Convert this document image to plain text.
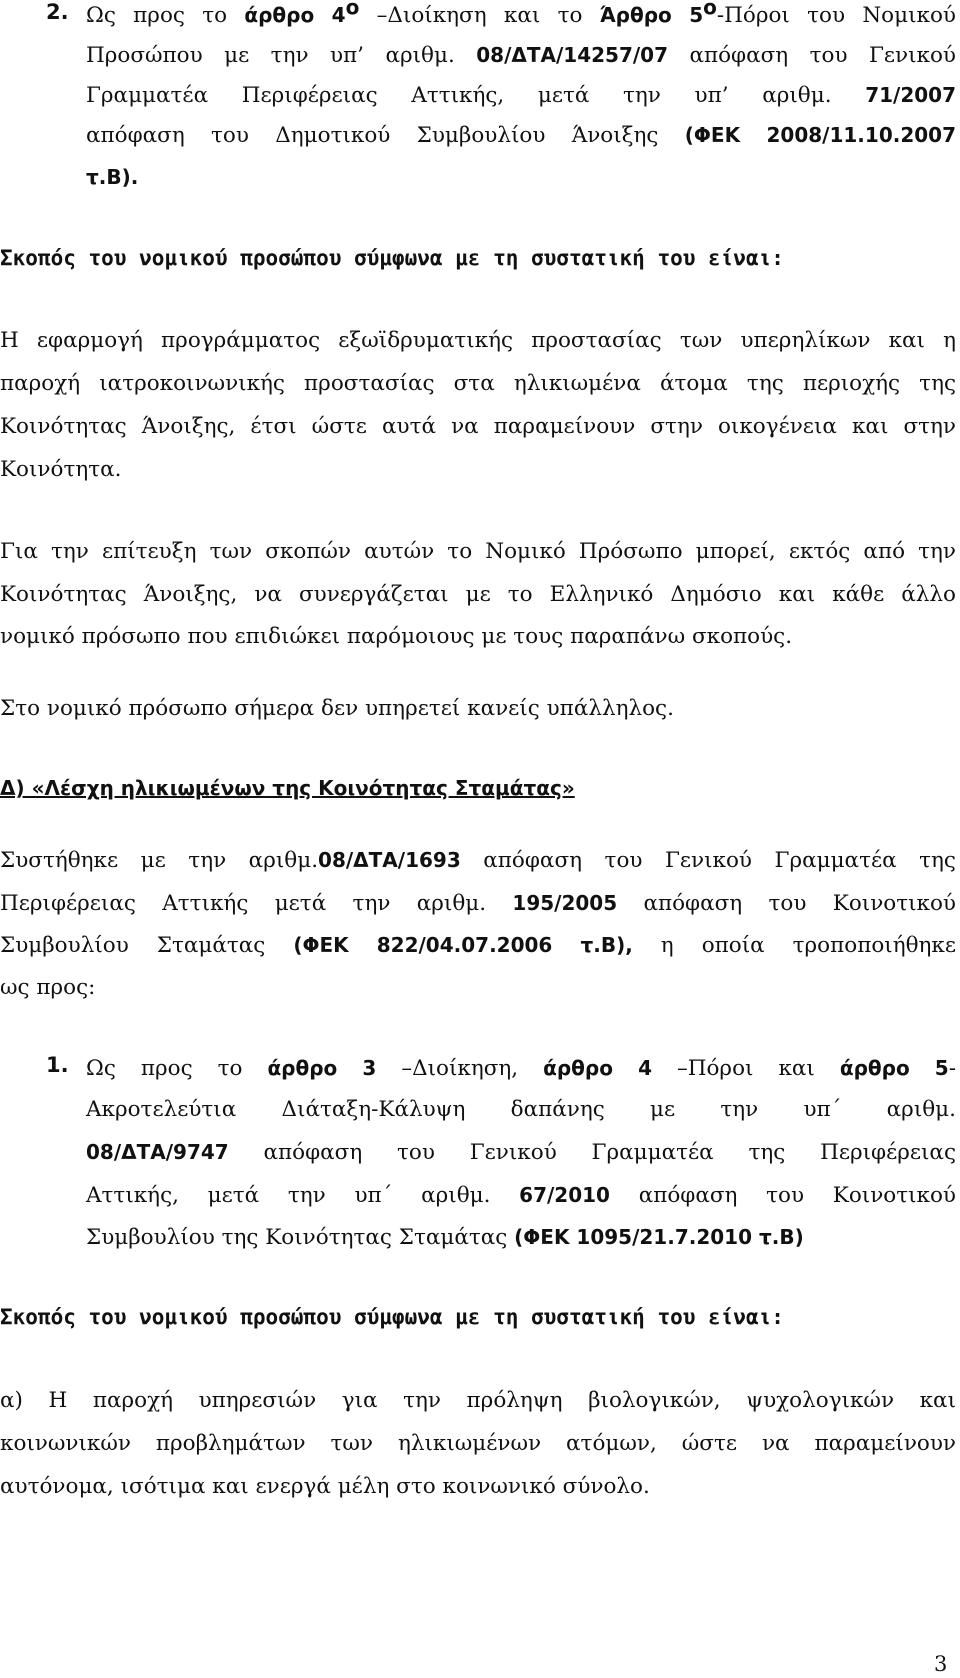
2. Ως προς το άρθρο $4^o$ –Διοίκηση και το Άρθρο $5^o$-Πόροι του Νομικού
Προσώπου με την υπ’ αριθμ. 08/ΔΤΑ/14257/07 απόφαση του Γενικού
Γραμματέα Περιφέρειας Αττικής, μετά την υπ’ αριθμ. 71/2007
απόφαση του Δημοτικού Συμβουλίου Άνοιξης (ΦΕΚ 2008/11.10.2007
τ.Β).
Σκοπός του νομικού προσώπου σύμφωνα με τη συστατική του είναι:
Η εφαρμογή προγράμματος εξωϊδρυματικής προστασίας των υπερηλίκων και η
παροχή ιατροκοινωνικής προστασίας στα ηλικιωμένα άτομα της περιοχής της
Κοινότητας Άνοιξης, έτσι ώστε αυτά να παραμείνουν στην οικογένεια και στην
Κοινότητα.
Για την επίτευξη των σκοπών αυτών το Νομικό Πρόσωπο μπορεί, εκτός από την
Κοινότητας Άνοιξης, να συνεργάζεται με το Ελληνικό Δημόσιο και κάθε άλλο
νομικό πρόσωπο που επιδιώκει παρόμοιους με τους παραπάνω σκοπούς.
Στο νομικό πρόσωπο σήμερα δεν υπηρετεί κανείς υπάλληλος.
Δ) «Λέσχη ηλικιωμένων της Κοινότητας Σταμάτας»
Συστήθηκε με την αριθμ.08/ΔΤΑ/1693 απόφαση του Γενικού Γραμματέα της
Περιφέρειας Αττικής μετά την αριθμ. 195/2005 απόφαση του Κοινοτικού
Συμβουλίου Σταμάτας (ΦΕΚ 822/04.07.2006 τ.Β), η οποία τροποποιήθηκε
ως προς:
1. Ως προς το άρθρο 3 –Διοίκηση, άρθρο 4 –Πόροι και άρθρο 5-
Ακροτελεύτια Διάταξη-Κάλυψη δαπάνης με την υπ΄ αριθμ.
08/ΔΤΑ/9747 απόφαση του Γενικού Γραμματέα της Περιφέρειας
Αττικής, μετά την υπ΄ αριθμ. 67/2010 απόφαση του Κοινοτικού
Συμβουλίου της Κοινότητας Σταμάτας (ΦΕΚ 1095/21.7.2010 τ.Β)
Σκοπός του νομικού προσώπου σύμφωνα με τη συστατική του είναι:
α) Η παροχή υπηρεσιών για την πρόληψη βιολογικών, ψυχολογικών και
κοινωνικών προβλημάτων των ηλικιωμένων ατόμων, ώστε να παραμείνουν
αυτόνομα, ισότιμα και ενεργά μέλη στο κοινωνικό σύνολο.
3
